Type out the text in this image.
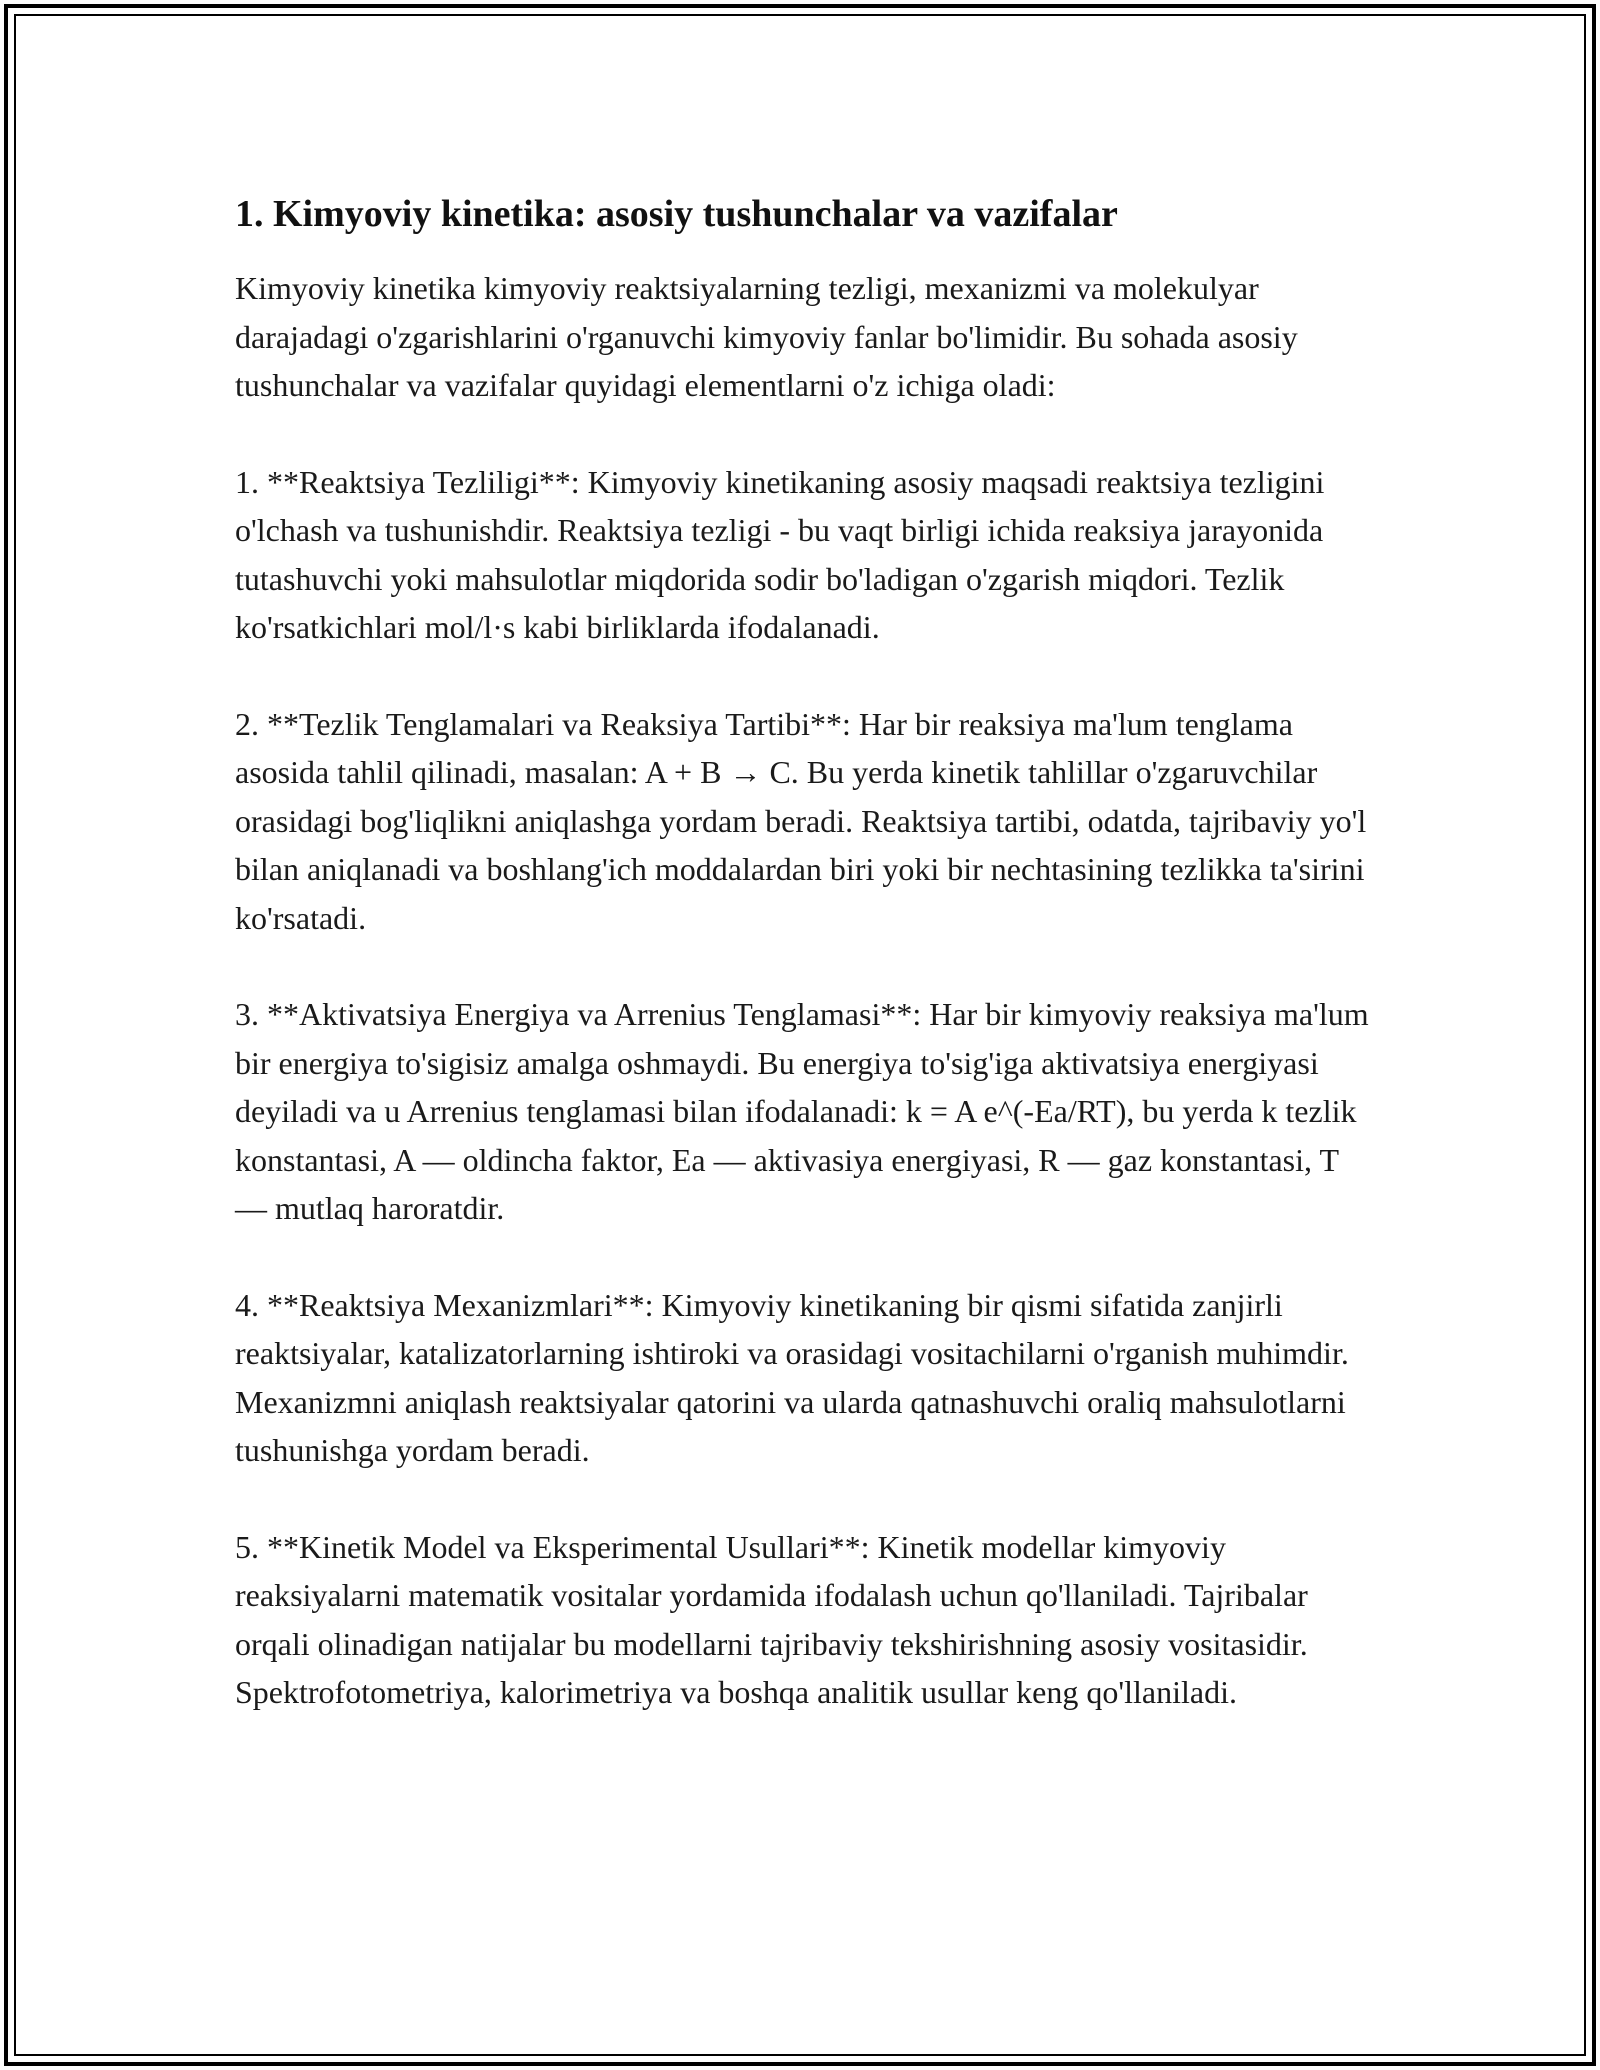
1. Kimyoviy kinetika: asosiy tushunchalar va vazifalar

Kimyoviy kinetika kimyoviy reaktsiyalarning tezligi, mexanizmi va molekulyar darajadagi o'zgarishlarini o'rganuvchi kimyoviy fanlar bo'limidir. Bu sohada asosiy tushunchalar va vazifalar quyidagi elementlarni o'z ichiga oladi:

1. **Reaktsiya Tezliligi**: Kimyoviy kinetikaning asosiy maqsadi reaktsiya tezligini o'lchash va tushunishdir. Reaktsiya tezligi - bu vaqt birligi ichida reaksiya jarayonida tutashuvchi yoki mahsulotlar miqdorida sodir bo'ladigan o'zgarish miqdori. Tezlik ko'rsatkichlari mol/l·s kabi birliklarda ifodalanadi.

2. **Tezlik Tenglamalari va Reaksiya Tartibi**: Har bir reaksiya ma'lum tenglama asosida tahlil qilinadi, masalan: A + B → C. Bu yerda kinetik tahlillar o'zgaruvchilar orasidagi bog'liqlikni aniqlashga yordam beradi. Reaktsiya tartibi, odatda, tajribaviy yo'l bilan aniqlanadi va boshlang'ich moddalardan biri yoki bir nechtasining tezlikka ta'sirini ko'rsatadi.

3. **Aktivatsiya Energiya va Arrenius Tenglamasi**: Har bir kimyoviy reaksiya ma'lum bir energiya to'sigisiz amalga oshmaydi. Bu energiya to'sig'iga aktivatsiya energiyasi deyiladi va u Arrenius tenglamasi bilan ifodalanadi: k = A e^(-Ea/RT), bu yerda k tezlik konstantasi, A — oldincha faktor, Ea — aktivasiya energiyasi, R — gaz konstantasi, T — mutlaq haroratdir.

4. **Reaktsiya Mexanizmlari**: Kimyoviy kinetikaning bir qismi sifatida zanjirli reaktsiyalar, katalizatorlarning ishtiroki va orasidagi vositachilarni o'rganish muhimdir. Mexanizmni aniqlash reaktsiyalar qatorini va ularda qatnashuvchi oraliq mahsulotlarni tushunishga yordam beradi.

5. **Kinetik Model va Eksperimental Usullari**: Kinetik modellar kimyoviy reaksiyalarni matematik vositalar yordamida ifodalash uchun qo'llaniladi. Tajribalar orqali olinadigan natijalar bu modellarni tajribaviy tekshirishning asosiy vositasidir. Spektrofotometriya, kalorimetriya va boshqa analitik usullar keng qo'llaniladi.
